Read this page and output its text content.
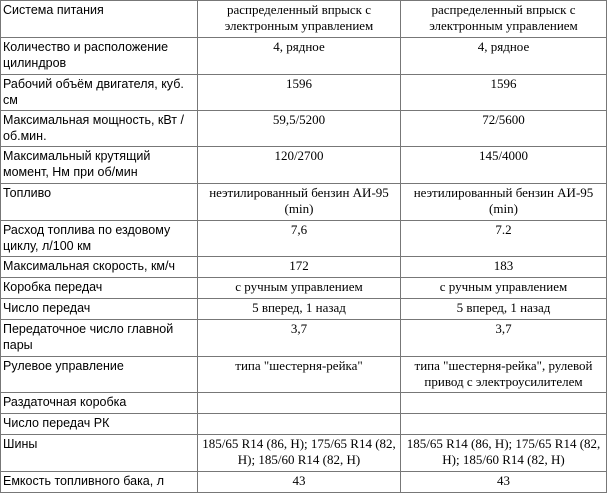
Система питания	распределенный впрыск с электронным управлением	распределенный впрыск с электронным управлением
Количество и расположение цилиндров	4, рядное	4, рядное
Рабочий объём двигателя, куб. см	1596	1596
Максимальная мощность, кВт / об.мин.	59,5/5200	72/5600
Максимальный крутящий момент, Нм при об/мин	120/2700	145/4000
Топливо	неэтилированный бензин АИ-95 (min)	неэтилированный бензин АИ-95 (min)
Расход топлива по ездовому циклу, л/100 км	7,6	7.2
Максимальная скорость, км/ч	172	183
Коробка передач	с ручным управлением	с ручным управлением
Число передач	5 вперед, 1 назад	5 вперед, 1 назад
Передаточное число главной пары	3,7	3,7
Рулевое управление	типа "шестерня-рейка"	типа "шестерня-рейка", рулевой привод с электроусилителем
Раздаточная коробка		
Число передач РК		
Шины	185/65 R14 (86, H); 175/65 R14 (82, H); 185/60 R14 (82, H)	185/65 R14 (86, H); 175/65 R14 (82, H); 185/60 R14 (82, H)
Емкость топливного бака, л	43	43
